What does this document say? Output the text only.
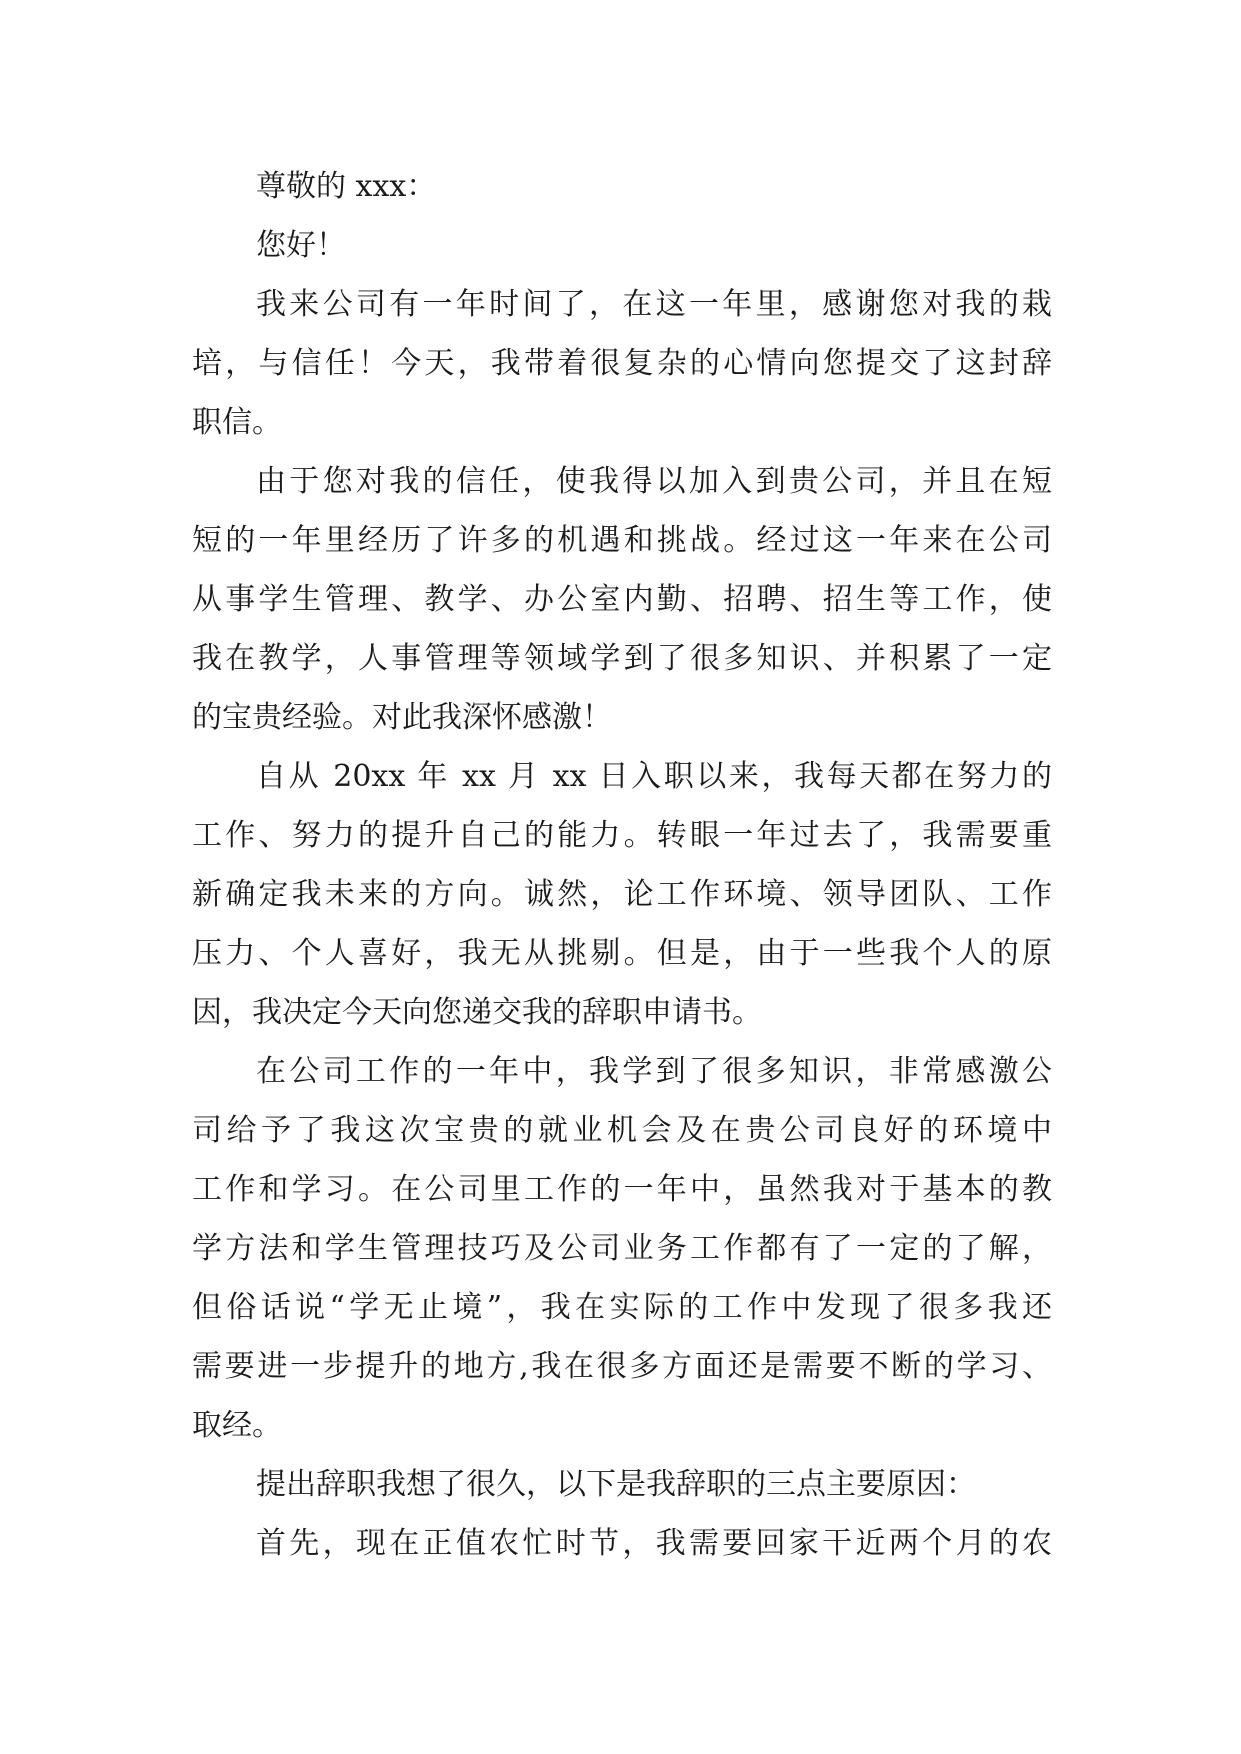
尊敬的 xxx：
您好！
我来公司有一年时间了，在这一年里，感谢您对我的栽
培，与信任！今天，我带着很复杂的心情向您提交了这封辞
职信。
由于您对我的信任，使我得以加入到贵公司，并且在短
短的一年里经历了许多的机遇和挑战。经过这一年来在公司
从事学生管理、教学、办公室内勤、招聘、招生等工作，使
我在教学，人事管理等领域学到了很多知识、并积累了一定
的宝贵经验。对此我深怀感激！
自从 20xx 年 xx 月 xx 日入职以来，我每天都在努力的
工作、努力的提升自己的能力。转眼一年过去了，我需要重
新确定我未来的方向。诚然，论工作环境、领导团队、工作
压力、个人喜好，我无从挑剔。但是，由于一些我个人的原
因，我决定今天向您递交我的辞职申请书。
在公司工作的一年中，我学到了很多知识，非常感激公
司给予了我这次宝贵的就业机会及在贵公司良好的环境中
工作和学习。在公司里工作的一年中，虽然我对于基本的教
学方法和学生管理技巧及公司业务工作都有了一定的了解，
但俗话说“学无止境”，我在实际的工作中发现了很多我还
需要进一步提升的地方,我在很多方面还是需要不断的学习、
取经。
提出辞职我想了很久，以下是我辞职的三点主要原因：
首先，现在正值农忙时节，我需要回家干近两个月的农
